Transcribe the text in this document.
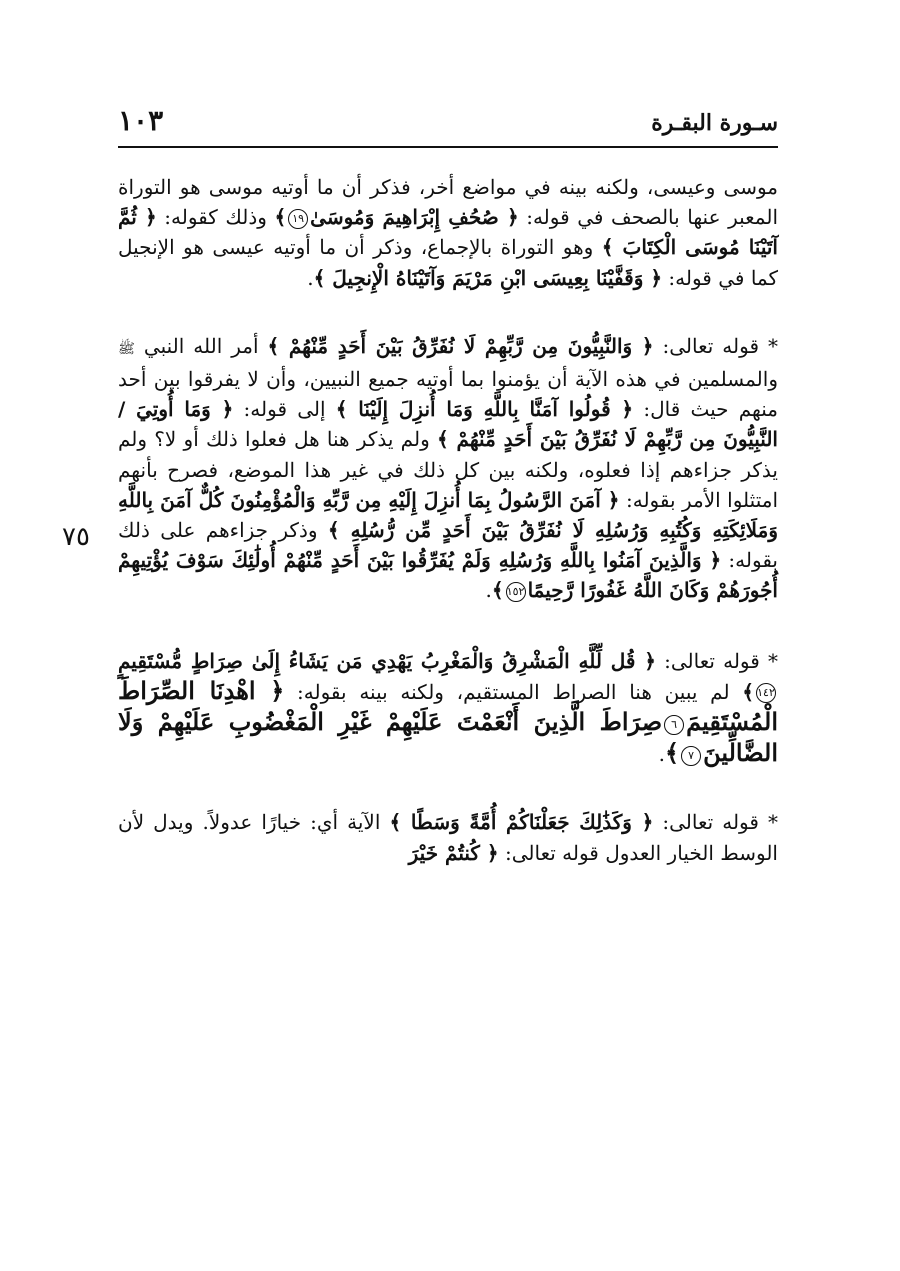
سـورة البقـرة
١٠٣
٧٥

موسى وعيسى، ولكنه بينه في مواضع أخر، فذكر أن ما أوتيه موسى هو التوراة المعبر عنها بالصحف في قوله: ﴿ صُحُفِ إِبْرَاهِيمَ وَمُوسَىٰ١٩﴾ وذلك كقوله: ﴿ ثُمَّ آتَيْنَا مُوسَى الْكِتَابَ ﴾ وهو التوراة بالإجماع، وذكر أن ما أوتيه عيسى هو الإنجيل كما في قوله: ﴿ وَقَفَّيْنَا بِعِيسَى ابْنِ مَرْيَمَ وَآتَيْنَاهُ الْإِنجِيلَ ﴾.

* قوله تعالى: ﴿ وَالنَّبِيُّونَ مِن رَّبِّهِمْ لَا نُفَرِّقُ بَيْنَ أَحَدٍ مِّنْهُمْ ﴾ أمر الله النبي ﷺ والمسلمين في هذه الآية أن يؤمنوا بما أوتيه جميع النبيين، وأن لا يفرقوا بين أحد منهم حيث قال: ﴿ قُولُوا آمَنَّا بِاللَّهِ وَمَا أُنزِلَ إِلَيْنَا ﴾ إلى قوله: ﴿ وَمَا أُوتِيَ / النَّبِيُّونَ مِن رَّبِّهِمْ لَا نُفَرِّقُ بَيْنَ أَحَدٍ مِّنْهُمْ ﴾ ولم يذكر هنا هل فعلوا ذلك أو لا؟ ولم يذكر جزاءهم إذا فعلوه، ولكنه بين كل ذلك في غير هذا الموضع، فصرح بأنهم امتثلوا الأمر بقوله: ﴿ آمَنَ الرَّسُولُ بِمَا أُنزِلَ إِلَيْهِ مِن رَّبِّهِ وَالْمُؤْمِنُونَ كُلٌّ آمَنَ بِاللَّهِ وَمَلَائِكَتِهِ وَكُتُبِهِ وَرُسُلِهِ لَا نُفَرِّقُ بَيْنَ أَحَدٍ مِّن رُّسُلِهِ ﴾ وذكر جزاءهم على ذلك بقوله: ﴿ وَالَّذِينَ آمَنُوا بِاللَّهِ وَرُسُلِهِ وَلَمْ يُفَرِّقُوا بَيْنَ أَحَدٍ مِّنْهُمْ أُولَٰئِكَ سَوْفَ يُؤْتِيهِمْ أُجُورَهُمْ وَكَانَ اللَّهُ غَفُورًا رَّحِيمًا١٥٢﴾.

* قوله تعالى: ﴿ قُل لِّلَّهِ الْمَشْرِقُ وَالْمَغْرِبُ يَهْدِي مَن يَشَاءُ إِلَىٰ صِرَاطٍ مُّسْتَقِيمٍ١٤٢﴾ لم يبين هنا الصراط المستقيم، ولكنه بينه بقوله: ﴿ اهْدِنَا الصِّرَاطَ الْمُسْتَقِيمَ٦صِرَاطَ الَّذِينَ أَنْعَمْتَ عَلَيْهِمْ غَيْرِ الْمَغْضُوبِ عَلَيْهِمْ وَلَا الضَّالِّينَ٧﴾.

* قوله تعالى: ﴿ وَكَذَٰلِكَ جَعَلْنَاكُمْ أُمَّةً وَسَطًا ﴾ الآية أي: خيارًا عدولاً. ويدل لأن الوسط الخيار العدول قوله تعالى: ﴿ كُنتُمْ خَيْرَ
